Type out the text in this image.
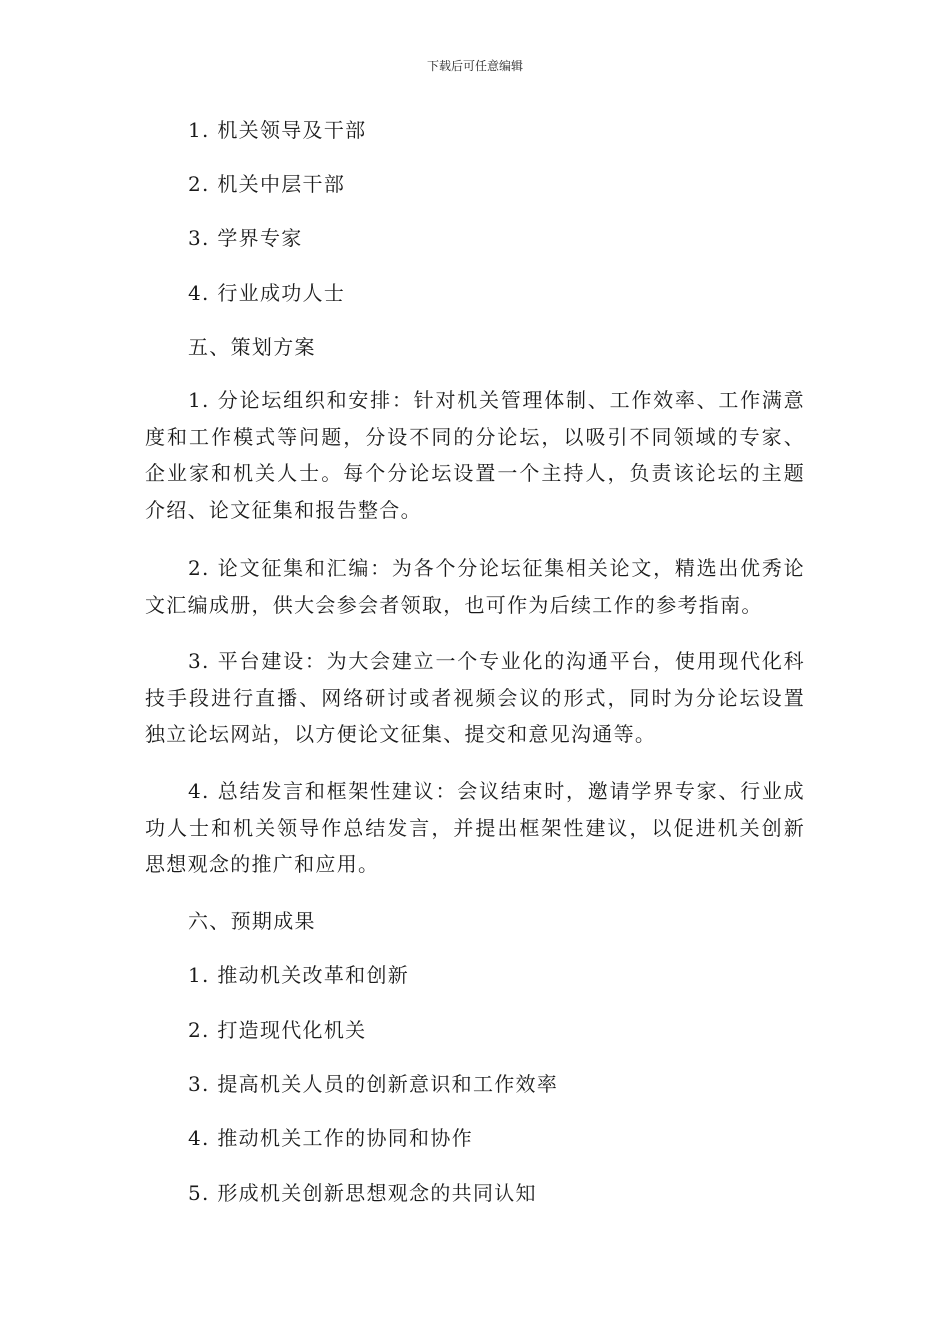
下载后可任意编辑
1. 机关领导及干部
2. 机关中层干部
3. 学界专家
4. 行业成功人士
五、策划方案
1. 分论坛组织和安排：针对机关管理体制、工作效率、工作满意度和工作模式等问题，分设不同的分论坛，以吸引不同领域的专家、企业家和机关人士。每个分论坛设置一个主持人，负责该论坛的主题介绍、论文征集和报告整合。
2. 论文征集和汇编：为各个分论坛征集相关论文，精选出优秀论文汇编成册，供大会参会者领取，也可作为后续工作的参考指南。
3. 平台建设：为大会建立一个专业化的沟通平台，使用现代化科技手段进行直播、网络研讨或者视频会议的形式，同时为分论坛设置独立论坛网站，以方便论文征集、提交和意见沟通等。
4. 总结发言和框架性建议：会议结束时，邀请学界专家、行业成功人士和机关领导作总结发言，并提出框架性建议，以促进机关创新思想观念的推广和应用。
六、预期成果
1. 推动机关改革和创新
2. 打造现代化机关
3. 提高机关人员的创新意识和工作效率
4. 推动机关工作的协同和协作
5. 形成机关创新思想观念的共同认知
